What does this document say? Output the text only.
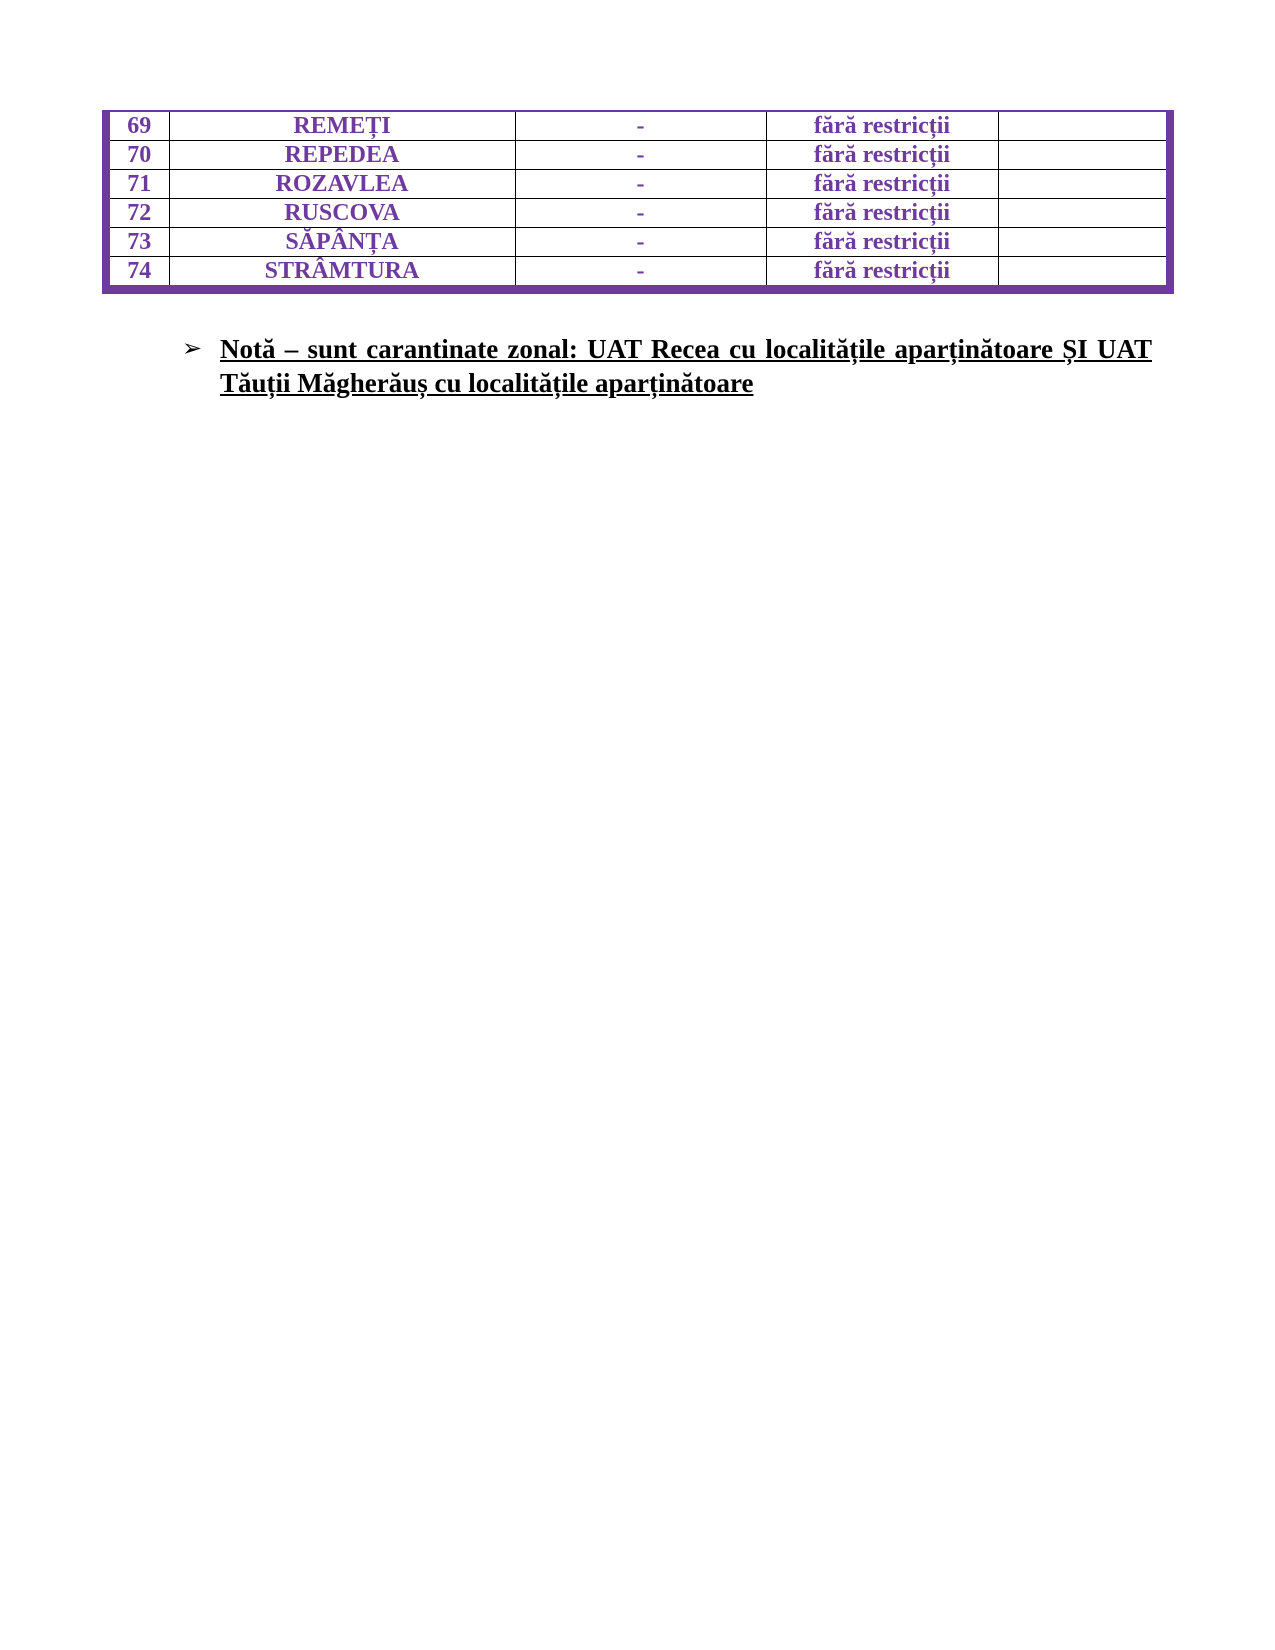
69	REMEȚI	-	fără restricții	
70	REPEDEA	-	fără restricții	
71	ROZAVLEA	-	fără restricții	
72	RUSCOVA	-	fără restricții	
73	SĂPÂNȚA	-	fără restricții	
74	STRÂMTURA	-	fără restricții	
➢ Notă – sunt carantinate zonal: UAT Recea cu localitățile aparținătoare ȘI UAT Tăuții Măgherăuș cu localitățile aparținătoare
